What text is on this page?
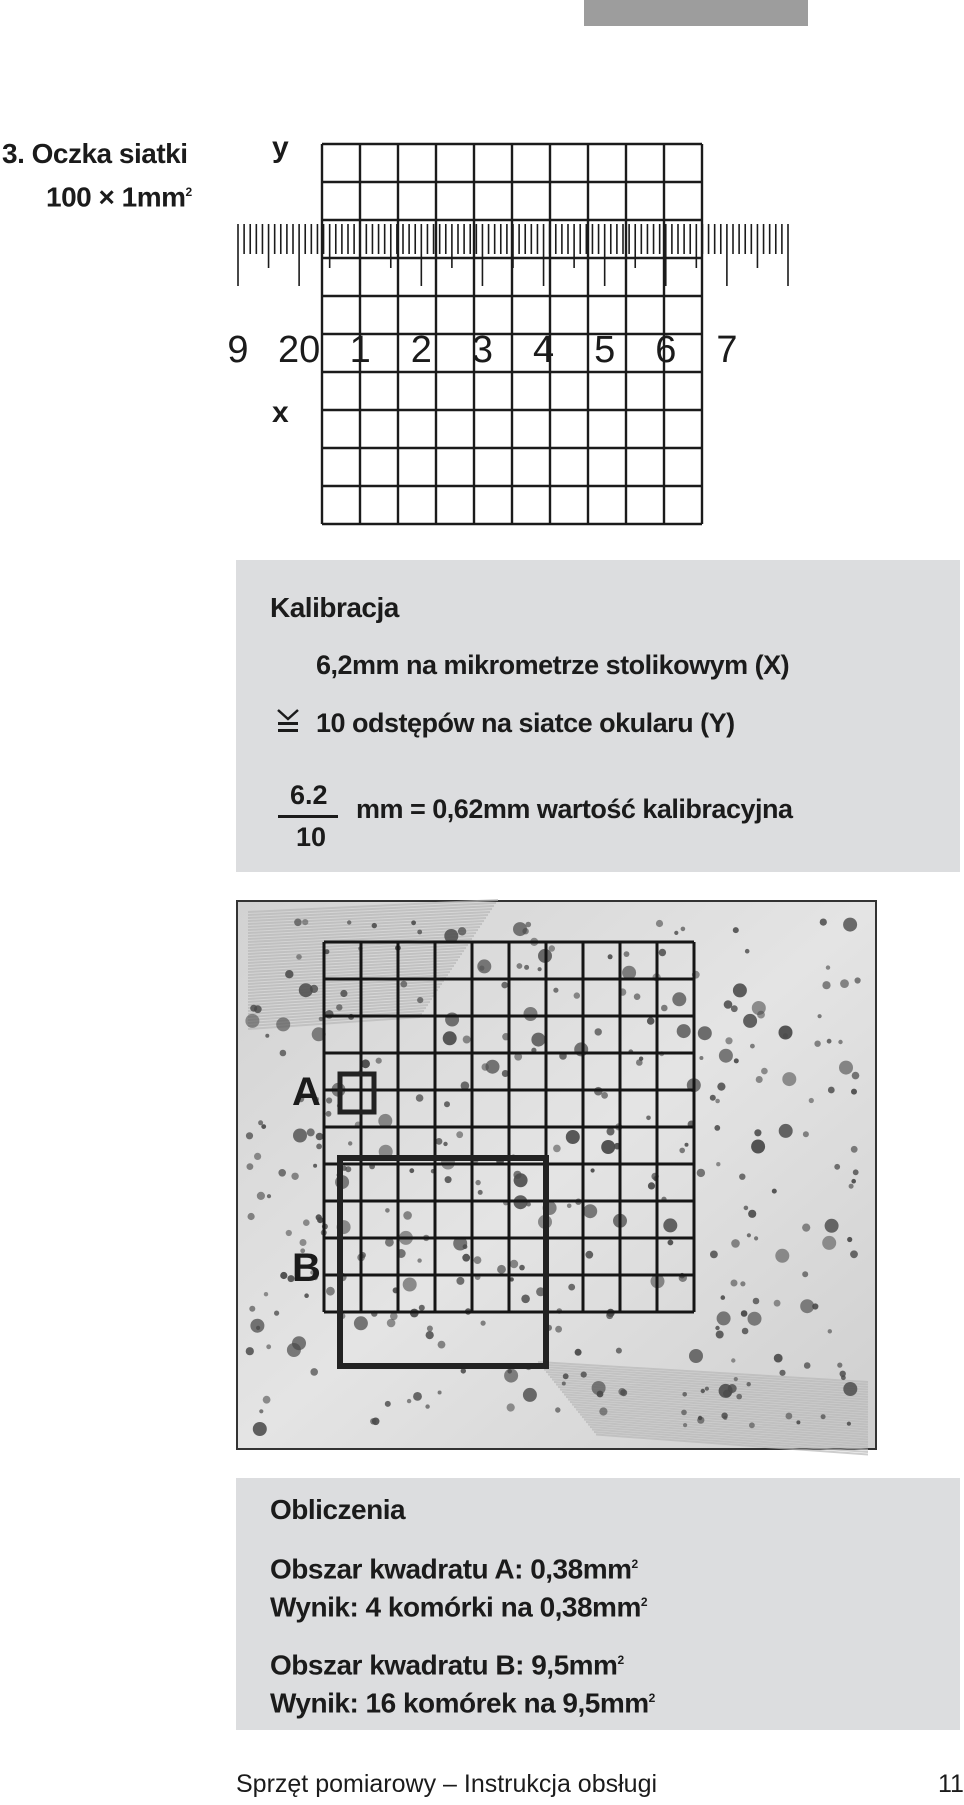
3. Oczka siatki
$100 \times 1mm^2$
9 20 1 2 3 4 5 6 7
y
x
Kalibracja
6,2mm na mikrometrze stolikowym (X)
10 odstępów na siatce okularu (Y)
6.2
10
mm = 0,62mm wartość kalibracyjna
A
B
Obliczenia
Obszar kwadratu A: $0,38mm^2$
Wynik: 4 komórki na $0,38mm^2$
Obszar kwadratu B: $9,5mm^2$
Wynik: 16 komórek na $9,5mm^2$
Sprzęt pomiarowy – Instrukcja obsługi	11
